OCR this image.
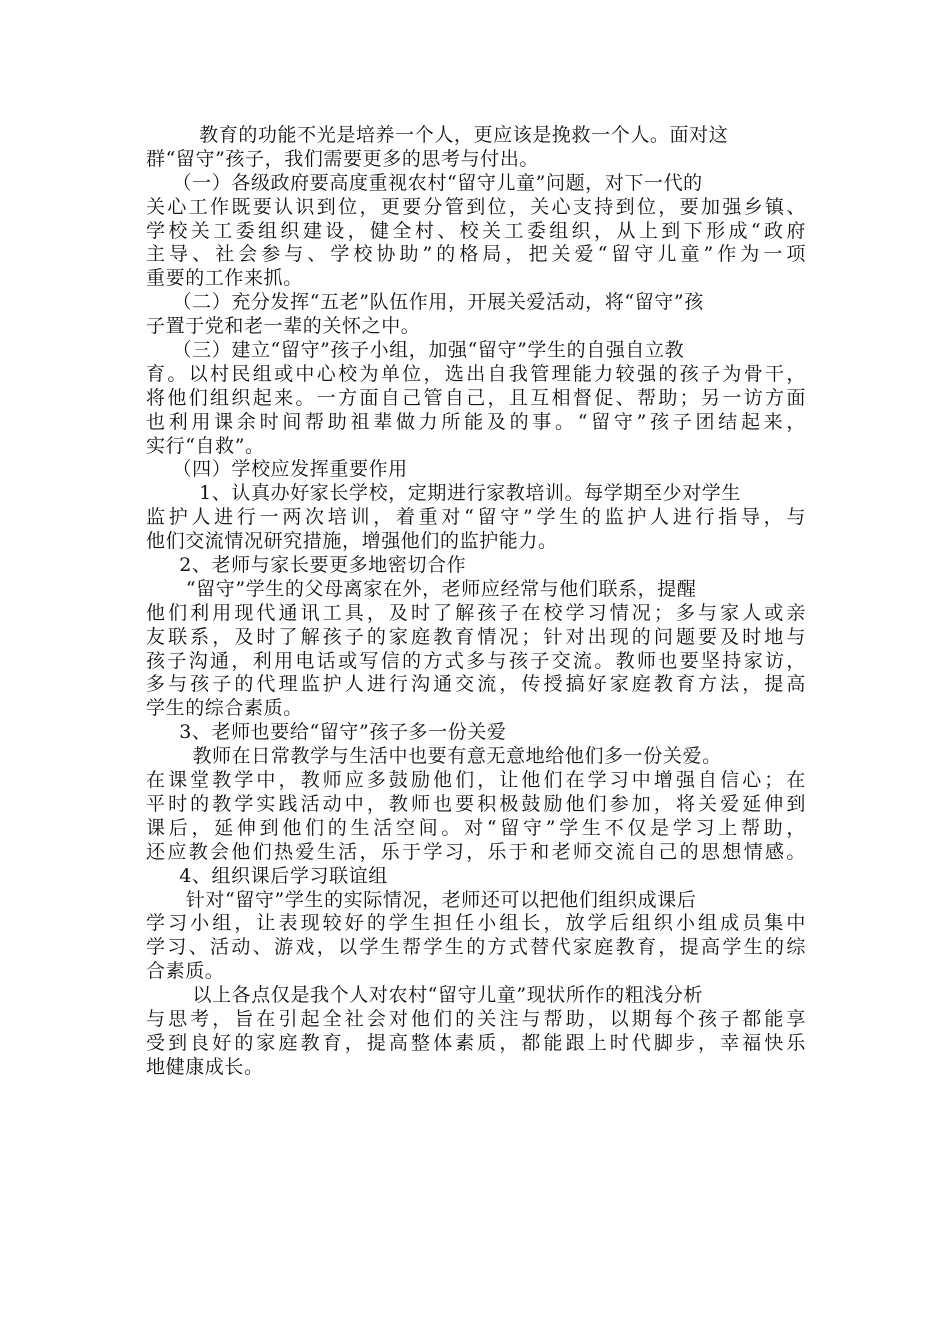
教育的功能不光是培养一个人，更应该是挽救一个人。面对这
群“留守”孩子，我们需要更多的思考与付出。
（一）各级政府要高度重视农村“留守儿童”问题，对下一代的
关心工作既要认识到位，更要分管到位，关心支持到位，要加强乡镇、
学校关工委组织建设，健全村、校关工委组织，从上到下形成“政府
主导、社会参与、学校协助”的格局，把关爱“留守儿童”作为一项
重要的工作来抓。
（二）充分发挥“五老”队伍作用，开展关爱活动，将“留守”孩
子置于党和老一辈的关怀之中。
（三）建立“留守”孩子小组，加强“留守”学生的自强自立教
育。以村民组或中心校为单位，选出自我管理能力较强的孩子为骨干，
将他们组织起来。一方面自己管自己，且互相督促、帮助；另一访方面
也利用课余时间帮助祖辈做力所能及的事。“留守”孩子团结起来，
实行“自救”。
（四）学校应发挥重要作用
1、认真办好家长学校，定期进行家教培训。每学期至少对学生
监护人进行一两次培训，着重对“留守”学生的监护人进行指导，与
他们交流情况研究措施，增强他们的监护能力。
2、老师与家长要更多地密切合作
“留守”学生的父母离家在外，老师应经常与他们联系，提醒
他们利用现代通讯工具，及时了解孩子在校学习情况；多与家人或亲
友联系，及时了解孩子的家庭教育情况；针对出现的问题要及时地与
孩子沟通，利用电话或写信的方式多与孩子交流。教师也要坚持家访，
多与孩子的代理监护人进行沟通交流，传授搞好家庭教育方法，提高
学生的综合素质。
3、老师也要给“留守”孩子多一份关爱
教师在日常教学与生活中也要有意无意地给他们多一份关爱。
在课堂教学中，教师应多鼓励他们，让他们在学习中增强自信心；在
平时的教学实践活动中，教师也要积极鼓励他们参加，将关爱延伸到
课后，延伸到他们的生活空间。对“留守”学生不仅是学习上帮助，
还应教会他们热爱生活，乐于学习，乐于和老师交流自己的思想情感。
4、组织课后学习联谊组
针对“留守”学生的实际情况，老师还可以把他们组织成课后
学习小组，让表现较好的学生担任小组长，放学后组织小组成员集中
学习、活动、游戏，以学生帮学生的方式替代家庭教育，提高学生的综
合素质。
以上各点仅是我个人对农村“留守儿童”现状所作的粗浅分析
与思考，旨在引起全社会对他们的关注与帮助，以期每个孩子都能享
受到良好的家庭教育，提高整体素质，都能跟上时代脚步，幸福快乐
地健康成长。
